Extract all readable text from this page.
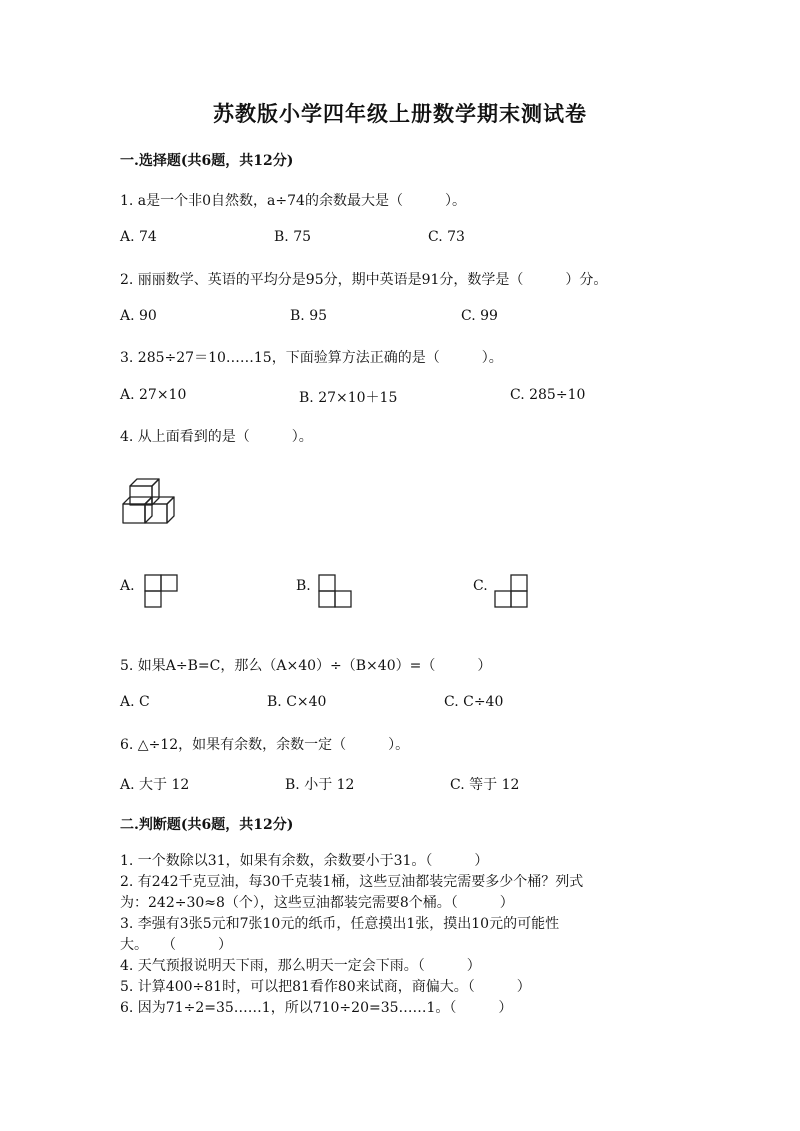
苏教版小学四年级上册数学期末测试卷
一.选择题(共6题，共12分)
1. a是一个非0自然数，a÷74的余数最大是（　　　）。
A. 74	B. 75	C. 73
2. 丽丽数学、英语的平均分是95分，期中英语是91分，数学是（　　　）分。
A. 90	B. 95	C. 99
3. 285÷27＝10……15，下面验算方法正确的是（　　　）。
A. 27×10	B. 27×10＋15	C. 285÷10
4. 从上面看到的是（　　　）。
A.	B.	C.
5. 如果A÷B=C，那么（A×40）÷（B×40）=（　　　）
A. C	B. C×40	C. C÷40
6. △÷12，如果有余数，余数一定（　　　）。
A. 大于 12	B. 小于 12	C. 等于 12
二.判断题(共6题，共12分)
1. 一个数除以31，如果有余数，余数要小于31。（　　　）
2. 有242千克豆油，每30千克装1桶，这些豆油都装完需要多少个桶？列式
为：242÷30≈8（个），这些豆油都装完需要8个桶。（　　　）
3. 李强有3张5元和7张10元的纸币，任意摸出1张，摸出10元的可能性
大。　　（　　　）
4. 天气预报说明天下雨，那么明天一定会下雨。（　　　）
5. 计算400÷81时，可以把81看作80来试商，商偏大。（　　　）
6. 因为71÷2=35……1，所以710÷20=35……1。（　　　）
